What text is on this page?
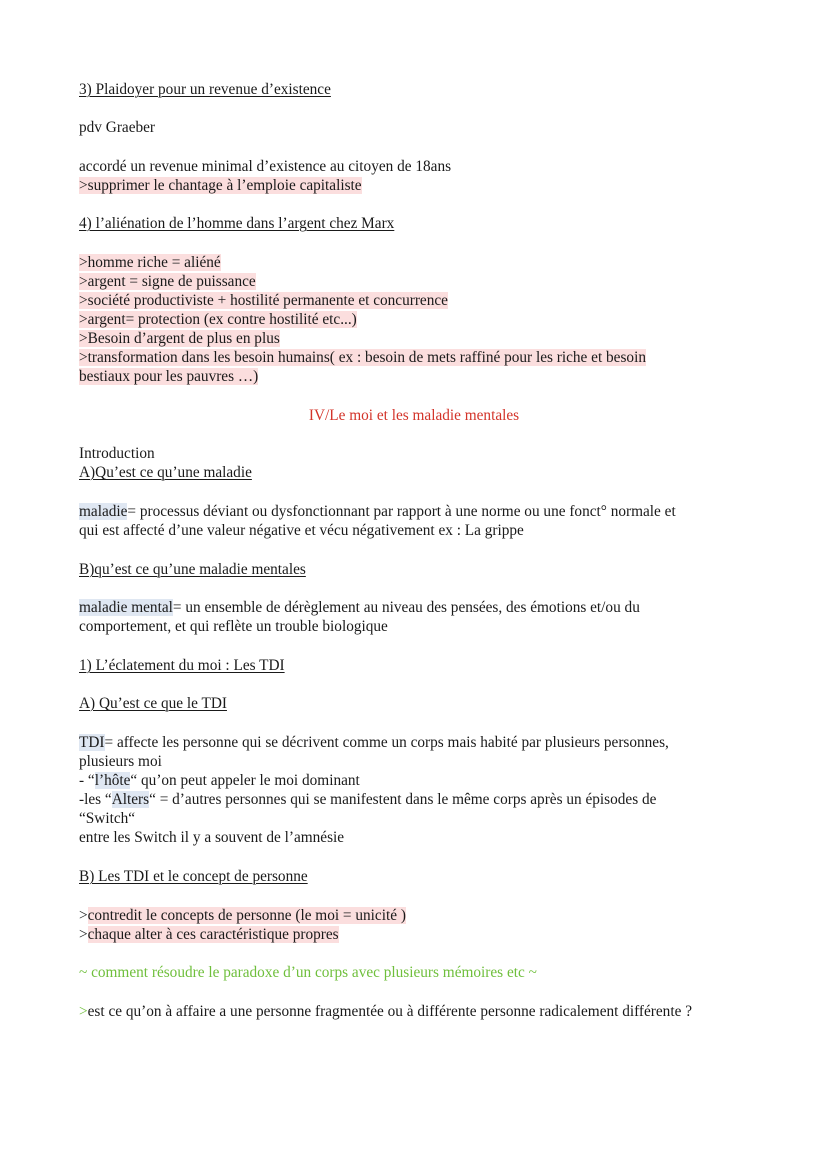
3) Plaidoyer pour un revenue d’existence
pdv Graeber
accordé un revenue minimal d’existence au citoyen de 18ans
>supprimer le chantage à l’emploie capitaliste
4) l’aliénation de l’homme dans l’argent chez Marx
>homme riche = aliéné
>argent = signe de puissance
>société productiviste + hostilité permanente et concurrence
>argent= protection (ex contre hostilité etc...)
>Besoin d’argent de plus en plus
>transformation dans les besoin humains( ex : besoin de mets raffiné pour les riche et besoin
bestiaux pour les pauvres …)
IV/Le moi et les maladie mentales
Introduction
A)Qu’est ce qu’une maladie
maladie= processus déviant ou dysfonctionnant par rapport à une norme ou une fonct° normale et
qui est affecté d’une valeur négative et vécu négativement ex : La grippe
B)qu’est ce qu’une maladie mentales
maladie mental= un ensemble de dérèglement au niveau des pensées, des émotions et/ou du
comportement, et qui reflète un trouble biologique
1) L’éclatement du moi : Les TDI
A) Qu’est ce que le TDI
TDI= affecte les personne qui se décrivent comme un corps mais habité par plusieurs personnes,
plusieurs moi
- “l’hôte“ qu’on peut appeler le moi dominant
-les “Alters“ = d’autres personnes qui se manifestent dans le même corps après un épisodes de
“Switch“
entre les Switch il y a souvent de l’amnésie
B) Les TDI et le concept de personne
>contredit le concepts de personne (le moi = unicité )
>chaque alter à ces caractéristique propres
~ comment résoudre le paradoxe d’un corps avec plusieurs mémoires etc ~
>est ce qu’on à affaire a une personne fragmentée ou à différente personne radicalement différente ?
